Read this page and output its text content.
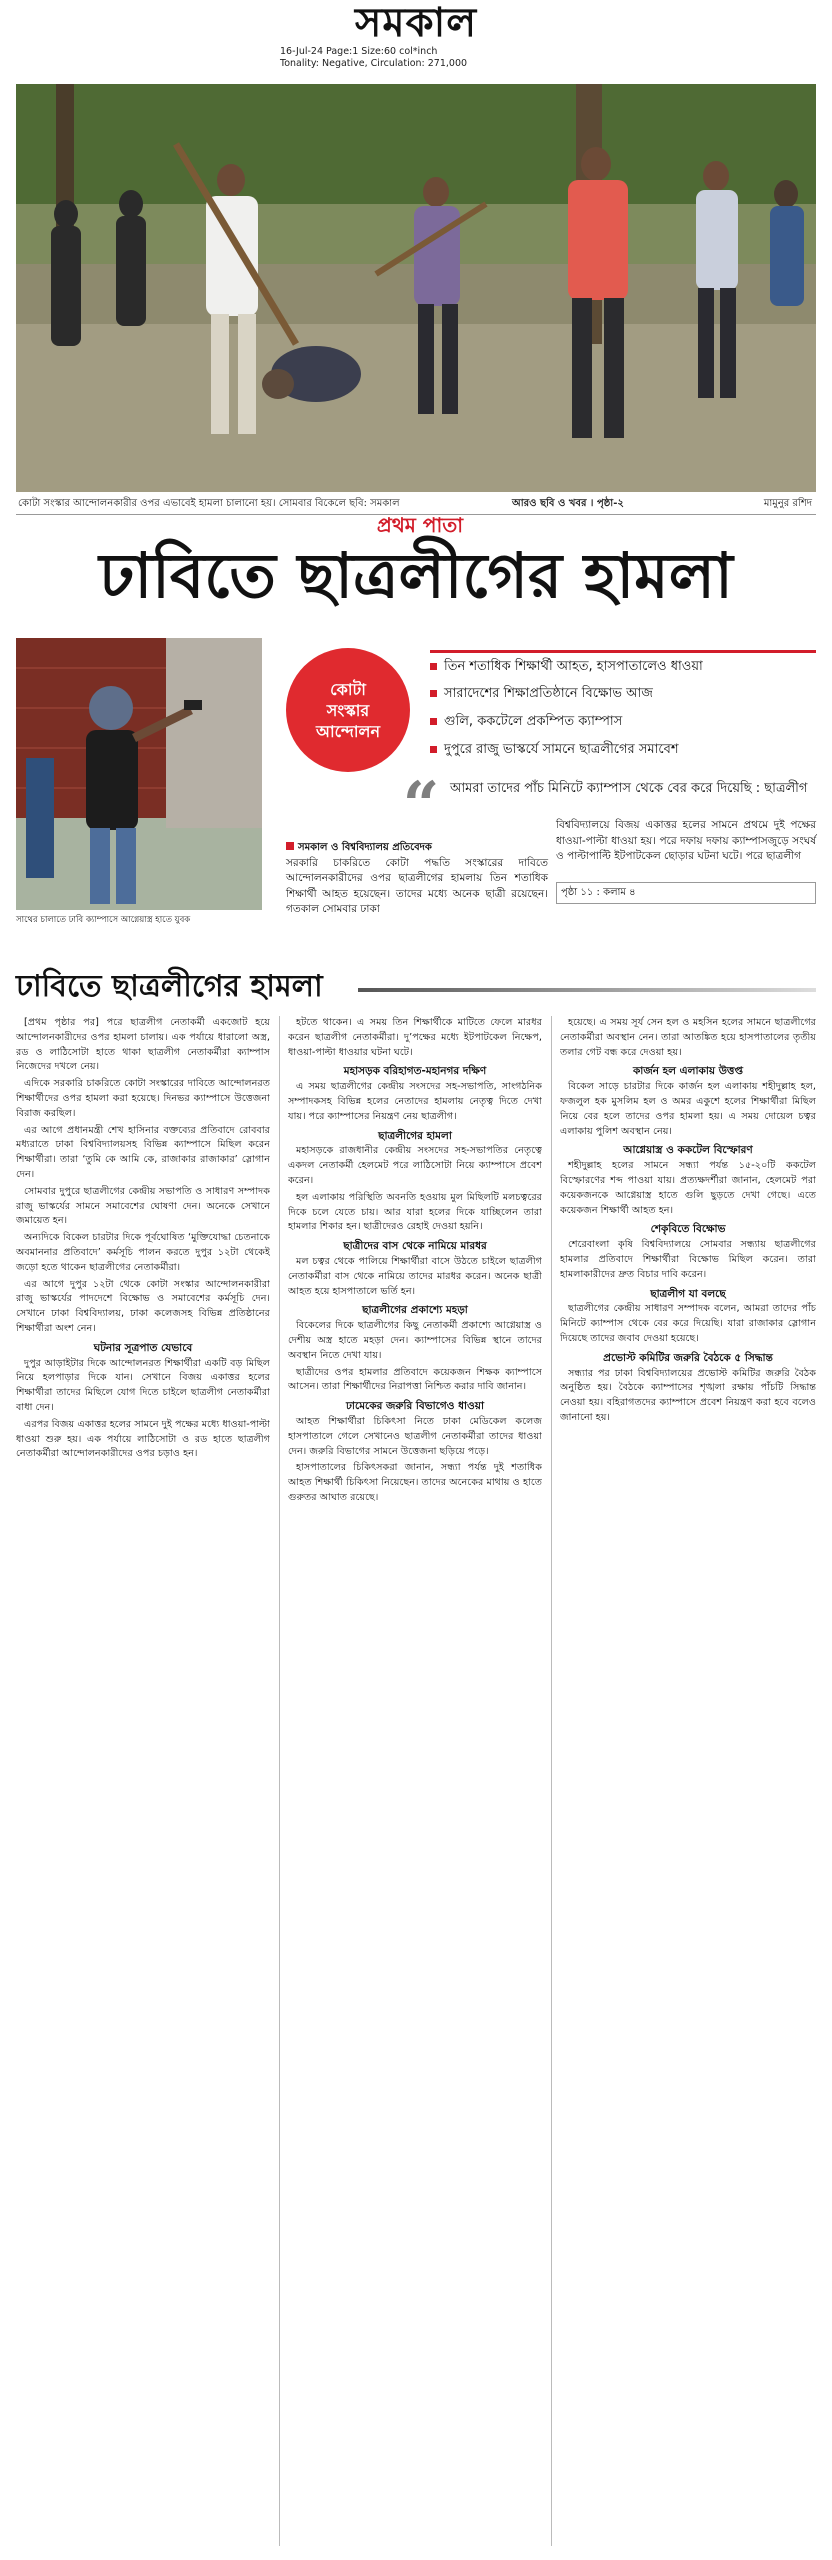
সমকাল
16-Jul-24 Page:1 Size:60 col*inch
Tonality: Negative, Circulation: 271,000
কোটা সংস্কার আন্দোলনকারীর ওপর এভাবেই হামলা চালানো হয়। সোমবার বিকেলে ছবি: সমকাল	আরও ছবি ও খবর । পৃষ্ঠা-২	মামুনুর রশিদ
প্রথম পাতা
ঢাবিতে ছাত্রলীগের হামলা
সাথের চালাতে ঢাবি ক্যাম্পাসে আগ্নেয়াস্ত্র হাতে যুবক
কোটা
সংস্কার
আন্দোলন
তিন শতাধিক শিক্ষার্থী আহত, হাসপাতালেও ধাওয়া
সারাদেশের শিক্ষাপ্রতিষ্ঠানে বিক্ষোভ আজ
গুলি, ককটেলে প্রকম্পিত ক্যাম্পাস
দুপুরে রাজু ভাস্কর্যে সামনে ছাত্রলীগের সমাবেশ
“ আমরা তাদের পাঁচ মিনিটে ক্যাম্পাস থেকে বের করে দিয়েছি : ছাত্রলীগ
সমকাল ও বিশ্ববিদ্যালয় প্রতিবেদক
সরকারি চাকরিতে কোটা পদ্ধতি সংস্কারের দাবিতে আন্দোলনকারীদের ওপর ছাত্রলীগের হামলায় তিন শতাধিক শিক্ষার্থী আহত হয়েছেন। তাদের মধ্যে অনেক ছাত্রী রয়েছেন। গতকাল সোমবার ঢাকা
বিশ্ববিদ্যালয়ে বিজয় একাত্তর হলের সামনে প্রথমে দুই পক্ষের ধাওয়া-পাল্টা ধাওয়া হয়। পরে দফায় দফায় ক্যাম্পাসজুড়ে সংঘর্ষ ও পাল্টাপাল্টি ইটপাটকেল ছোড়ার ঘটনা ঘটে। পরে ছাত্রলীগ
পৃষ্ঠা ১১ : কলাম ৪
ঢাবিতে ছাত্রলীগের হামলা

[প্রথম পৃষ্ঠার পর] পরে ছাত্রলীগ নেতাকর্মী একজোট হয়ে আন্দোলনকারীদের ওপর হামলা চালায়। এক পর্যায়ে ধারালো অস্ত্র, রড ও লাঠিসোটা হাতে থাকা ছাত্রলীগ নেতাকর্মীরা ক্যাম্পাস নিজেদের দখলে নেয়।

এদিকে সরকারি চাকরিতে কোটা সংস্কারের দাবিতে আন্দোলনরত শিক্ষার্থীদের ওপর হামলা করা হয়েছে। দিনভর ক্যাম্পাসে উত্তেজনা বিরাজ করছিল।

এর আগে প্রধানমন্ত্রী শেখ হাসিনার বক্তব্যের প্রতিবাদে রোববার মধ্যরাতে ঢাকা বিশ্ববিদ্যালয়সহ বিভিন্ন ক্যাম্পাসে মিছিল করেন শিক্ষার্থীরা। তারা ‘তুমি কে আমি কে, রাজাকার রাজাকার’ স্লোগান দেন।

সোমবার দুপুরে ছাত্রলীগের কেন্দ্রীয় সভাপতি ও সাধারণ সম্পাদক রাজু ভাস্কর্যের সামনে সমাবেশের ঘোষণা দেন। অনেকে সেখানে জমায়েত হন।

অন্যদিকে বিকেল চারটার দিকে পূর্বঘোষিত ‘মুক্তিযোদ্ধা চেতনাকে অবমাননার প্রতিবাদে’ কর্মসূচি পালন করতে দুপুর ১২টা থেকেই জড়ো হতে থাকেন ছাত্রলীগের নেতাকর্মীরা।

এর আগে দুপুর ১২টা থেকে কোটা সংস্কার আন্দোলনকারীরা রাজু ভাস্কর্যের পাদদেশে বিক্ষোভ ও সমাবেশের কর্মসূচি দেন। সেখানে ঢাকা বিশ্ববিদ্যালয়, ঢাকা কলেজসহ বিভিন্ন প্রতিষ্ঠানের শিক্ষার্থীরা অংশ নেন।

ঘটনার সূত্রপাত যেভাবে

দুপুর আড়াইটার দিকে আন্দোলনরত শিক্ষার্থীরা একটি বড় মিছিল নিয়ে হলপাড়ার দিকে যান। সেখানে বিজয় একাত্তর হলের শিক্ষার্থীরা তাদের মিছিলে যোগ দিতে চাইলে ছাত্রলীগ নেতাকর্মীরা বাধা দেন।

এরপর বিজয় একাত্তর হলের সামনে দুই পক্ষের মধ্যে ধাওয়া-পাল্টা ধাওয়া শুরু হয়। এক পর্যায়ে লাঠিসোটা ও রড হাতে ছাত্রলীগ নেতাকর্মীরা আন্দোলনকারীদের ওপর চড়াও হন।

হটতে থাকেন। এ সময় তিন শিক্ষার্থীকে মাটিতে ফেলে মারধর করেন ছাত্রলীগ নেতাকর্মীরা। দু’পক্ষের মধ্যে ইটপাটকেল নিক্ষেপ, ধাওয়া-পাল্টা ধাওয়ার ঘটনা ঘটে।

মহাসড়ক বরিহাগত-মহানগর দক্ষিণ

এ সময় ছাত্রলীগের কেন্দ্রীয় সংসদের সহ-সভাপতি, সাংগঠনিক সম্পাদকসহ বিভিন্ন হলের নেতাদের হামলায় নেতৃত্ব দিতে দেখা যায়। পরে ক্যাম্পাসের নিয়ন্ত্রণ নেয় ছাত্রলীগ।

ছাত্রলীগের হামলা

মহাসড়কে রাজধানীর কেন্দ্রীয় সংসদের সহ-সভাপতির নেতৃত্বে একদল নেতাকর্মী হেলমেট পরে লাঠিসোটা নিয়ে ক্যাম্পাসে প্রবেশ করেন।

হল এলাকায় পরিস্থিতি অবনতি হওয়ায় মুল মিছিলটি মলচত্বরের দিকে চলে যেতে চায়। আর যারা হলের দিকে যাচ্ছিলেন তারা হামলার শিকার হন। ছাত্রীদেরও রেহাই দেওয়া হয়নি।

ছাত্রীদের বাস থেকে নামিয়ে মারধর

মল চত্বর থেকে পালিয়ে শিক্ষার্থীরা বাসে উঠতে চাইলে ছাত্রলীগ নেতাকর্মীরা বাস থেকে নামিয়ে তাদের মারধর করেন। অনেক ছাত্রী আহত হয়ে হাসপাতালে ভর্তি হন।

ছাত্রলীগের প্রকাশ্যে মহড়া

বিকেলের দিকে ছাত্রলীগের কিছু নেতাকর্মী প্রকাশ্যে আগ্নেয়াস্ত্র ও দেশীয় অস্ত্র হাতে মহড়া দেন। ক্যাম্পাসের বিভিন্ন স্থানে তাদের অবস্থান নিতে দেখা যায়।

ছাত্রীদের ওপর হামলার প্রতিবাদে কয়েকজন শিক্ষক ক্যাম্পাসে আসেন। তারা শিক্ষার্থীদের নিরাপত্তা নিশ্চিত করার দাবি জানান।

ঢামেকের জরুরি বিভাগেও ধাওয়া

আহত শিক্ষার্থীরা চিকিৎসা নিতে ঢাকা মেডিকেল কলেজ হাসপাতালে গেলে সেখানেও ছাত্রলীগ নেতাকর্মীরা তাদের ধাওয়া দেন। জরুরি বিভাগের সামনে উত্তেজনা ছড়িয়ে পড়ে।

হাসপাতালের চিকিৎসকরা জানান, সন্ধ্যা পর্যন্ত দুই শতাধিক আহত শিক্ষার্থী চিকিৎসা নিয়েছেন। তাদের অনেকের মাথায় ও হাতে গুরুতর আঘাত রয়েছে।

হয়েছে। এ সময় সূর্য সেন হল ও মহসিন হলের সামনে ছাত্রলীগের নেতাকর্মীরা অবস্থান নেন। তারা আতঙ্কিত হয়ে হাসপাতালের তৃতীয় তলার গেট বন্ধ করে দেওয়া হয়।

কার্জন হল এলাকায় উত্তপ্ত

বিকেল সাড়ে চারটার দিকে কার্জন হল এলাকায় শহীদুল্লাহ হল, ফজলুল হক মুসলিম হল ও অমর একুশে হলের শিক্ষার্থীরা মিছিল নিয়ে বের হলে তাদের ওপর হামলা হয়। এ সময় দোয়েল চত্বর এলাকায় পুলিশ অবস্থান নেয়।

আগ্নেয়াস্ত্র ও ককটেল বিস্ফোরণ

শহীদুল্লাহ হলের সামনে সন্ধ্যা পর্যন্ত ১৫-২০টি ককটেল বিস্ফোরণের শব্দ পাওয়া যায়। প্রত্যক্ষদর্শীরা জানান, হেলমেট পরা কয়েকজনকে আগ্নেয়াস্ত্র হাতে গুলি ছুড়তে দেখা গেছে। এতে কয়েকজন শিক্ষার্থী আহত হন।

শেকৃবিতে বিক্ষোভ

শেরেবাংলা কৃষি বিশ্ববিদ্যালয়ে সোমবার সন্ধ্যায় ছাত্রলীগের হামলার প্রতিবাদে শিক্ষার্থীরা বিক্ষোভ মিছিল করেন। তারা হামলাকারীদের দ্রুত বিচার দাবি করেন।

ছাত্রলীগ যা বলছে

ছাত্রলীগের কেন্দ্রীয় সাধারণ সম্পাদক বলেন, আমরা তাদের পাঁচ মিনিটে ক্যাম্পাস থেকে বের করে দিয়েছি। যারা রাজাকার স্লোগান দিয়েছে তাদের জবাব দেওয়া হয়েছে।

প্রভোস্ট কমিটির জরুরি বৈঠকে ৫ সিদ্ধান্ত

সন্ধ্যার পর ঢাকা বিশ্ববিদ্যালয়ের প্রভোস্ট কমিটির জরুরি বৈঠক অনুষ্ঠিত হয়। বৈঠকে ক্যাম্পাসের শৃঙ্খলা রক্ষায় পাঁচটি সিদ্ধান্ত নেওয়া হয়। বহিরাগতদের ক্যাম্পাসে প্রবেশ নিয়ন্ত্রণ করা হবে বলেও জানানো হয়।
